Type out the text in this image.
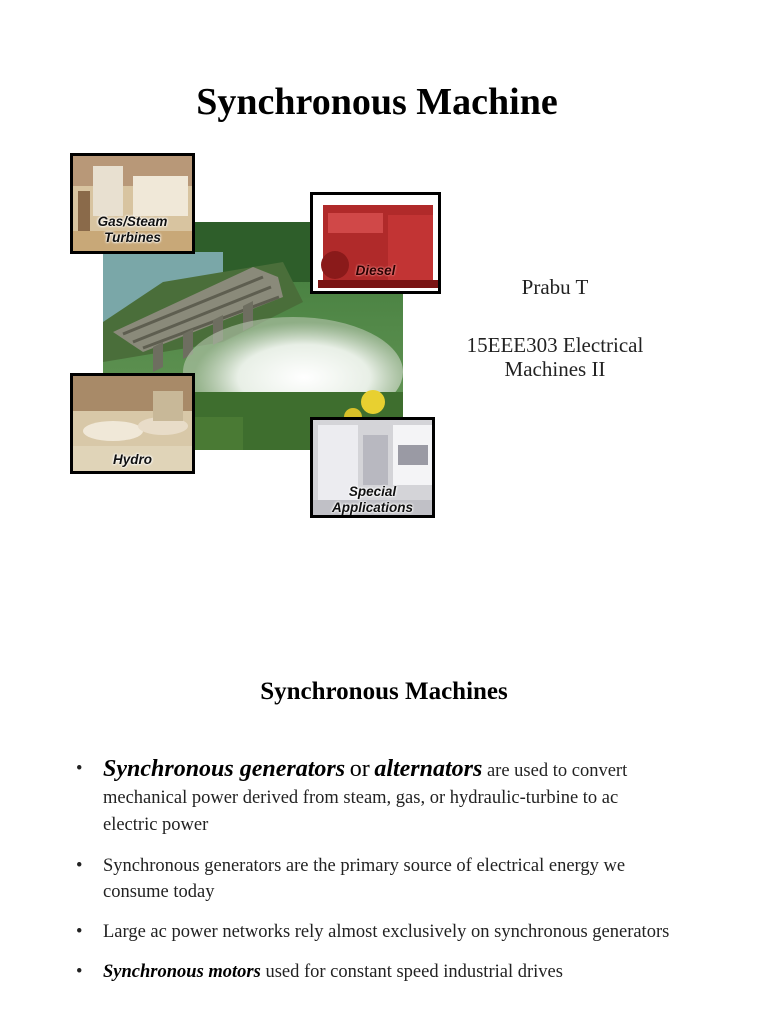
Synchronous Machine
Gas/Steam
Turbines
Diesel
Hydro
Special
Applications
Prabu T
15EEE303 Electrical
Machines II
Synchronous Machines
• Synchronous generators or alternators are used to convert mechanical power derived from steam, gas, or hydraulic-turbine to ac electric power
• Synchronous generators are the primary source of electrical energy we consume today
• Large ac power networks rely almost exclusively on synchronous generators
• Synchronous motors used for constant speed industrial drives
